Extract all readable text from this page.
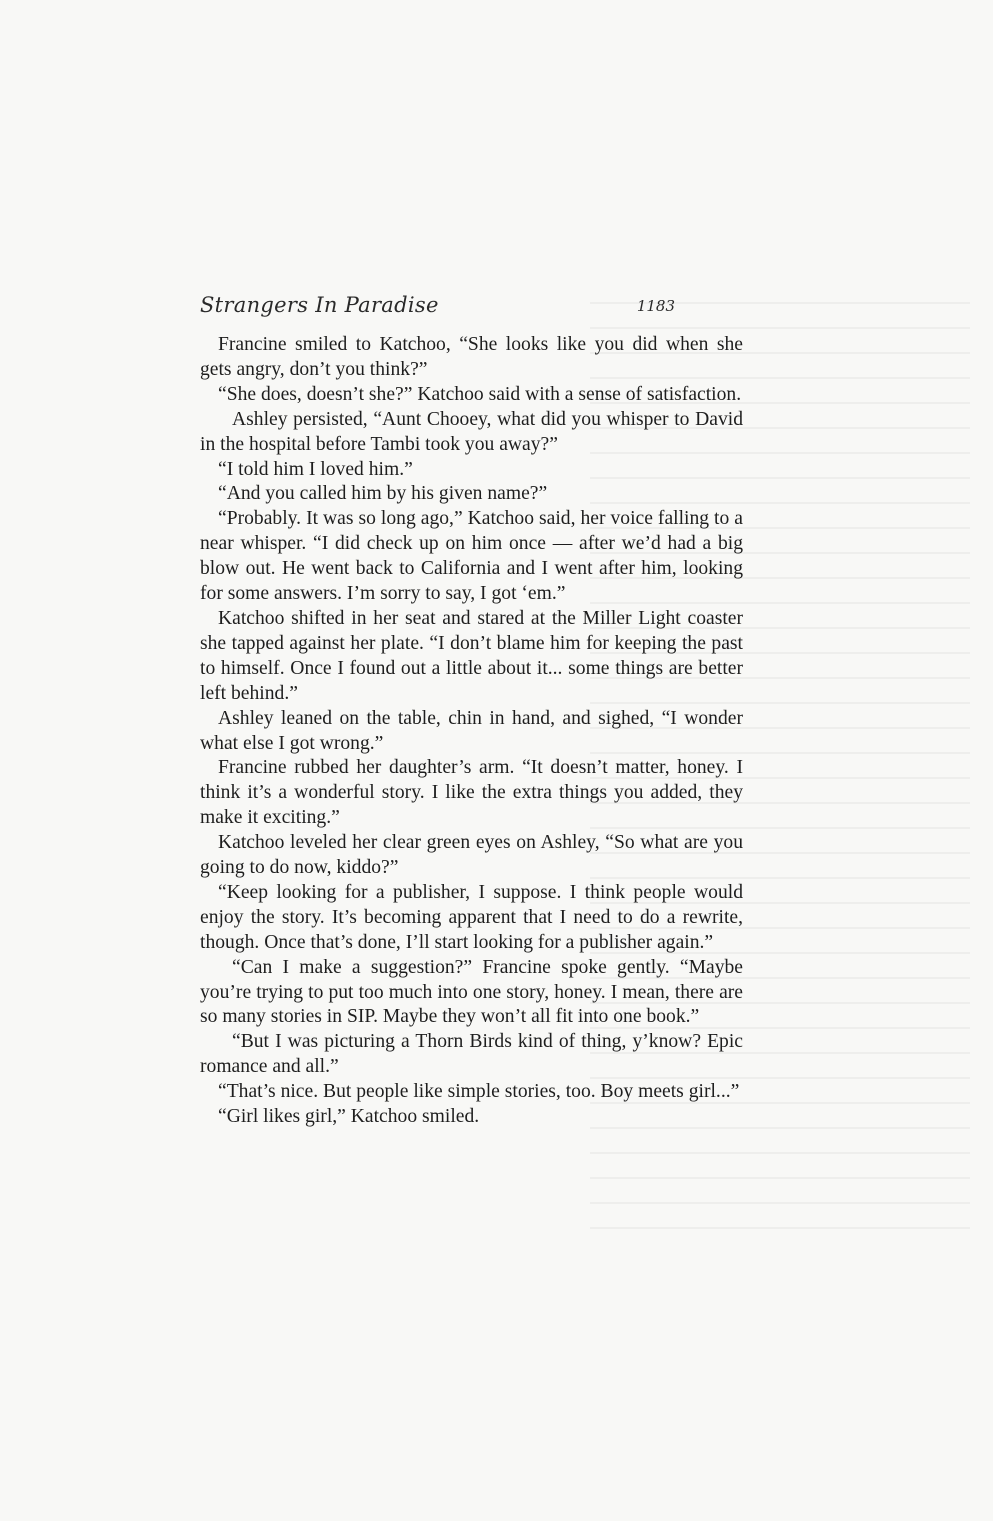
Strangers In Paradise	1183

Francine smiled to Katchoo, “She looks like you did when she gets angry, don’t you think?”

“She does, doesn’t she?” Katchoo said with a sense of satisfaction.

Ashley persisted, “Aunt Chooey, what did you whisper to David in the hospital before Tambi took you away?”

“I told him I loved him.”

“And you called him by his given name?”

“Probably. It was so long ago,” Katchoo said, her voice falling to a near whisper. “I did check up on him once — after we’d had a big blow out. He went back to California and I went after him, looking for some answers. I’m sorry to say, I got ‘em.”

Katchoo shifted in her seat and stared at the Miller Light coaster she tapped against her plate. “I don’t blame him for keeping the past to himself. Once I found out a little about it... some things are better left behind.”

Ashley leaned on the table, chin in hand, and sighed, “I wonder what else I got wrong.”

Francine rubbed her daughter’s arm. “It doesn’t matter, honey. I think it’s a wonderful story. I like the extra things you added, they make it exciting.”

Katchoo leveled her clear green eyes on Ashley, “So what are you going to do now, kiddo?”

“Keep looking for a publisher, I suppose. I think people would enjoy the story. It’s becoming apparent that I need to do a rewrite, though. Once that’s done, I’ll start looking for a publisher again.”

“Can I make a suggestion?” Francine spoke gently. “Maybe you’re trying to put too much into one story, honey. I mean, there are so many stories in SIP. Maybe they won’t all fit into one book.”

“But I was picturing a Thorn Birds kind of thing, y’know? Epic romance and all.”

“That’s nice. But people like simple stories, too. Boy meets girl...”

“Girl likes girl,” Katchoo smiled.
